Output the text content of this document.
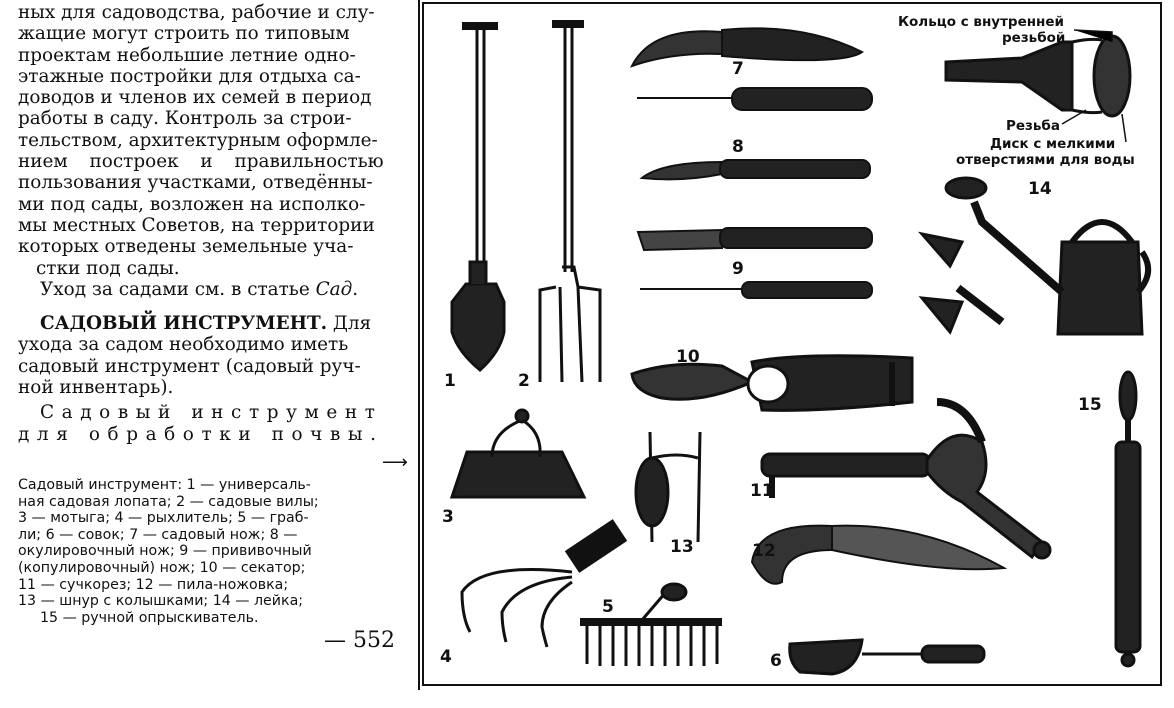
ных для садоводства, рабочие и слу-
жащие могут строить по типовым
проектам небольшие летние одно-
этажные постройки для отдыха са-
доводов и членов их семей в период
работы в саду. Контроль за строи-
тельством, архитектурным оформле-
нием построек и правильностью
пользования участками, отведённы-
ми под сады, возложен на исполко-
мы местных Советов, на территории
которых отведены земельные уча-
стки под сады.

Уход за садами см. в статье Сад.

САДОВЫЙ ИНСТРУМЕНТ. Для
ухода за садом необходимо иметь
садовый инструмент (садовый руч-
ной инвентарь).

Садовый инструмент
для обработки почвы.

Садовый инструмент: 1 — универсаль-
ная садовая лопата; 2 — садовые вилы;
3 — мотыга; 4 — рыхлитель; 5 — граб-
ли; 6 — совок; 7 — садовый нож; 8 —
окулировочный нож; 9 — прививочный
(копулировочный) нож; 10 — секатор;
11 — сучкорез; 12 — пила-ножовка;
13 — шнур с колышками; 14 — лейка;
15 — ручной опрыскиватель.
⟶
— 552
1	2
3
4
5
6
7
8
9
10
11
12
13
14
15
Кольцо с внутренней
резьбой
Резьба
Диск с мелкими
отверстиями для воды
